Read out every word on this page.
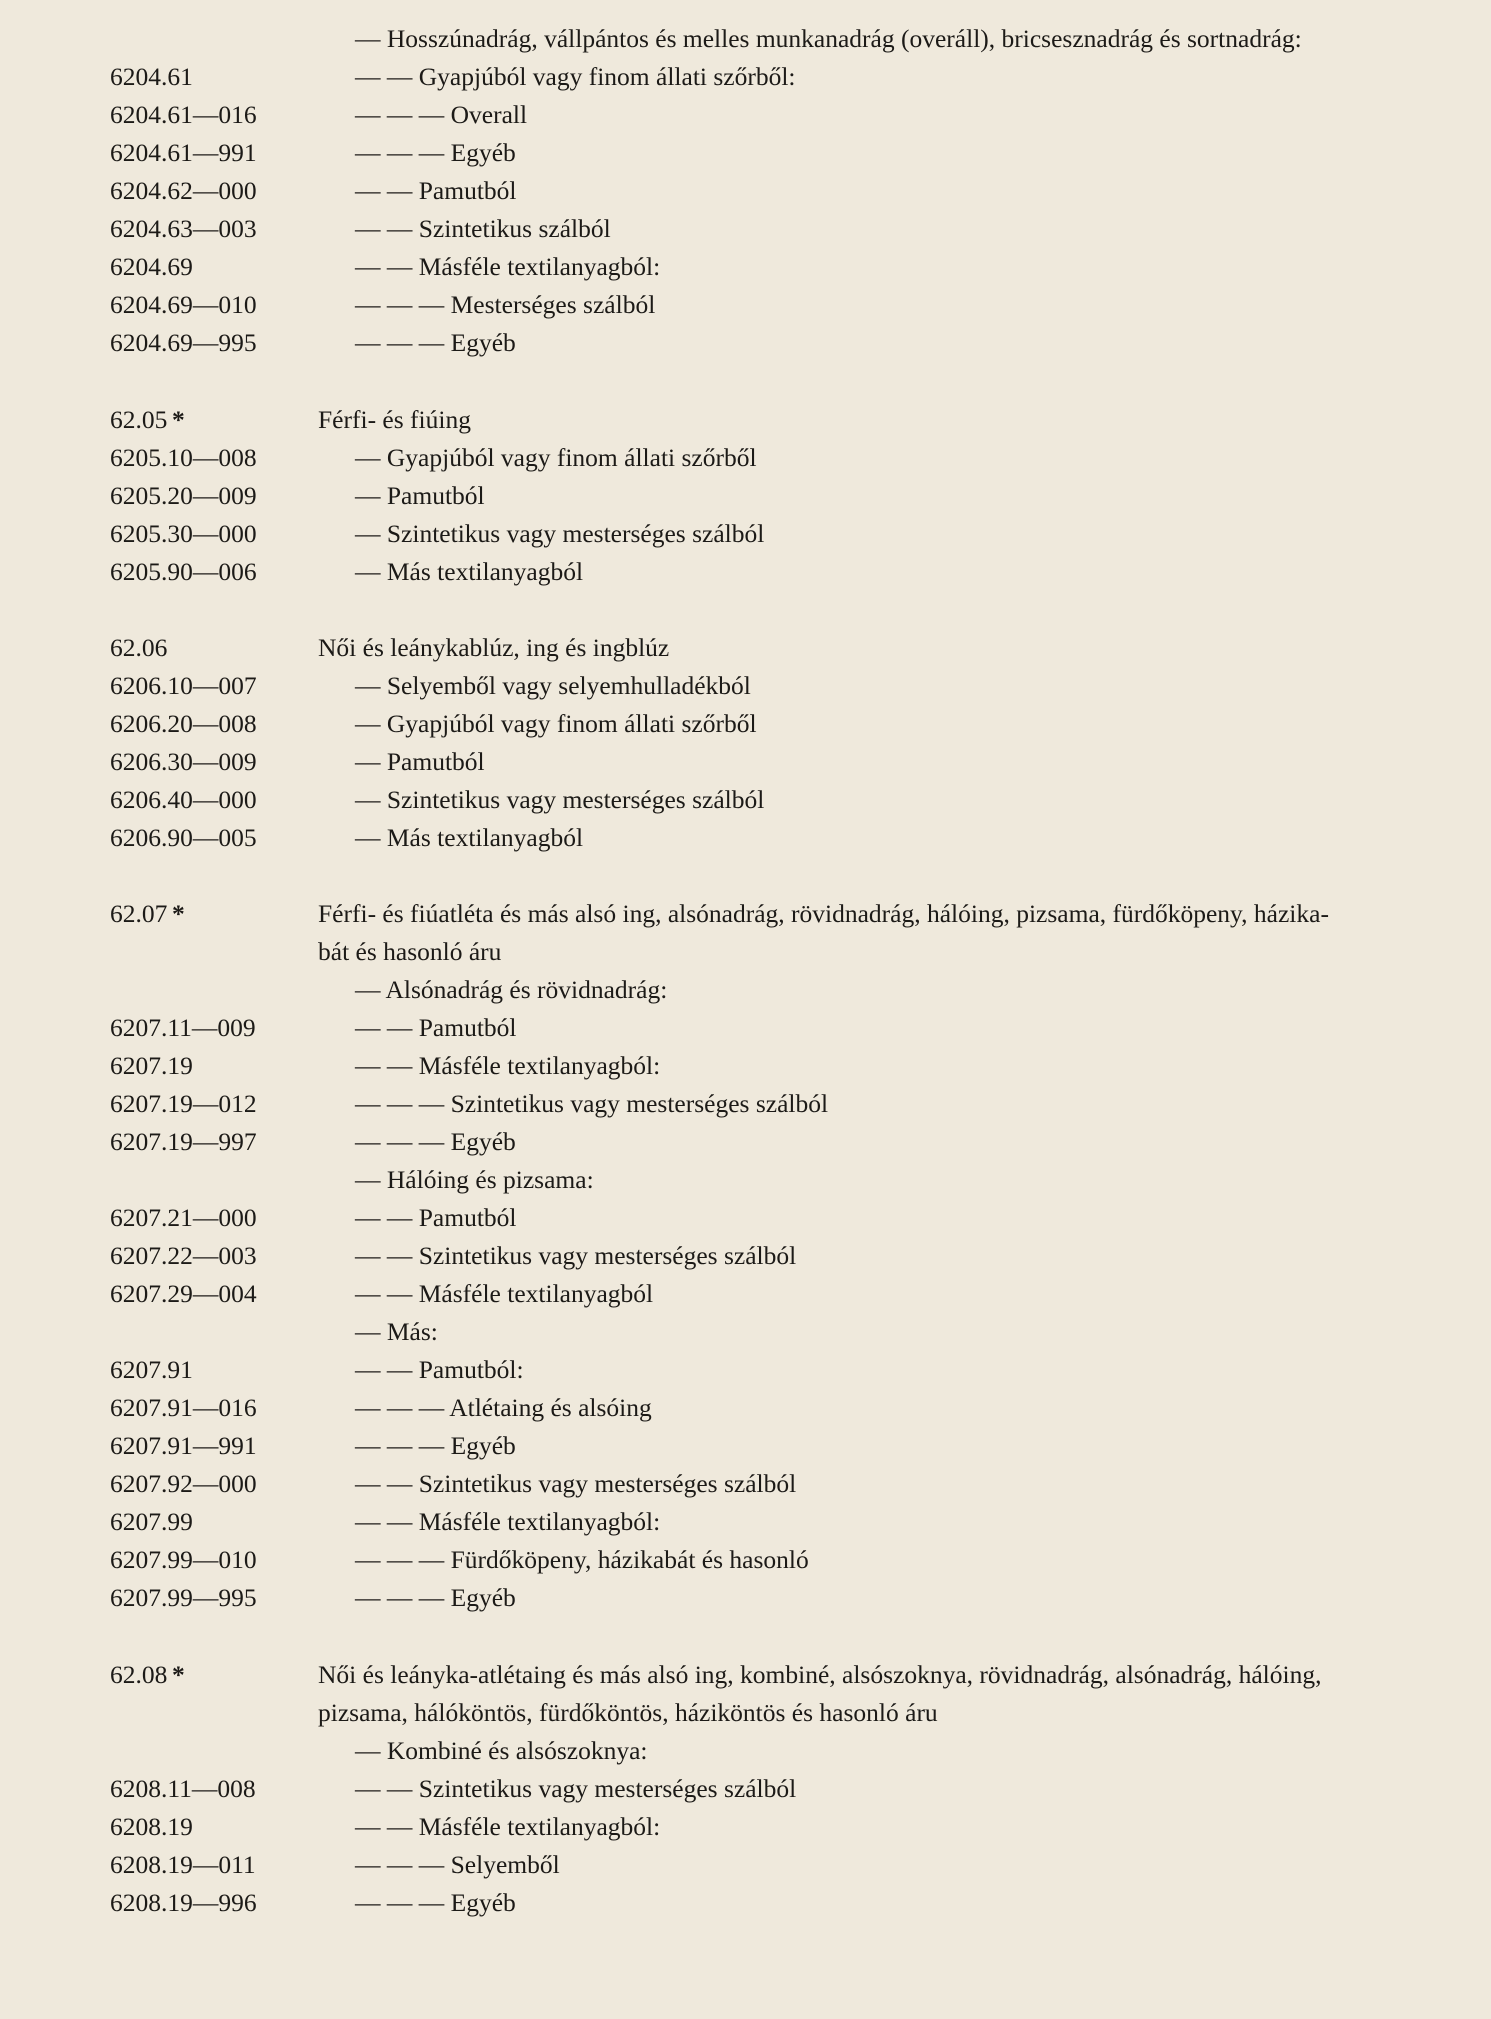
— Hosszúnadrág, vállpántos és melles munkanadrág (overáll), bricsesznadrág és sortnadrág:
6204.61	— — Gyapjúból vagy finom állati szőrből:
6204.61—016	— — — Overall
6204.61—991	— — — Egyéb
6204.62—000	— — Pamutból
6204.63—003	— — Szintetikus szálból
6204.69	— — Másféle textilanyagból:
6204.69—010	— — — Mesterséges szálból
6204.69—995	— — — Egyéb
62.05 *	Férfi- és fiúing
6205.10—008	— Gyapjúból vagy finom állati szőrből
6205.20—009	— Pamutból
6205.30—000	— Szintetikus vagy mesterséges szálból
6205.90—006	— Más textilanyagból
62.06	Női és leánykablúz, ing és ingblúz
6206.10—007	— Selyemből vagy selyemhulladékból
6206.20—008	— Gyapjúból vagy finom állati szőrből
6206.30—009	— Pamutból
6206.40—000	— Szintetikus vagy mesterséges szálból
6206.90—005	— Más textilanyagból
62.07 *	Férfi- és fiúatléta és más alsó ing, alsónadrág, rövidnadrág, hálóing, pizsama, fürdőköpeny, házika-
bát és hasonló áru
— Alsónadrág és rövidnadrág:
6207.11—009	— — Pamutból
6207.19	— — Másféle textilanyagból:
6207.19—012	— — — Szintetikus vagy mesterséges szálból
6207.19—997	— — — Egyéb
— Hálóing és pizsama:
6207.21—000	— — Pamutból
6207.22—003	— — Szintetikus vagy mesterséges szálból
6207.29—004	— — Másféle textilanyagból
— Más:
6207.91	— — Pamutból:
6207.91—016	— — — Atlétaing és alsóing
6207.91—991	— — — Egyéb
6207.92—000	— — Szintetikus vagy mesterséges szálból
6207.99	— — Másféle textilanyagból:
6207.99—010	— — — Fürdőköpeny, házikabát és hasonló
6207.99—995	— — — Egyéb
62.08 *	Női és leányka-atlétaing és más alsó ing, kombiné, alsószoknya, rövidnadrág, alsónadrág, hálóing,
pizsama, hálóköntös, fürdőköntös, háziköntös és hasonló áru
— Kombiné és alsószoknya:
6208.11—008	— — Szintetikus vagy mesterséges szálból
6208.19	— — Másféle textilanyagból:
6208.19—011	— — — Selyemből
6208.19—996	— — — Egyéb
